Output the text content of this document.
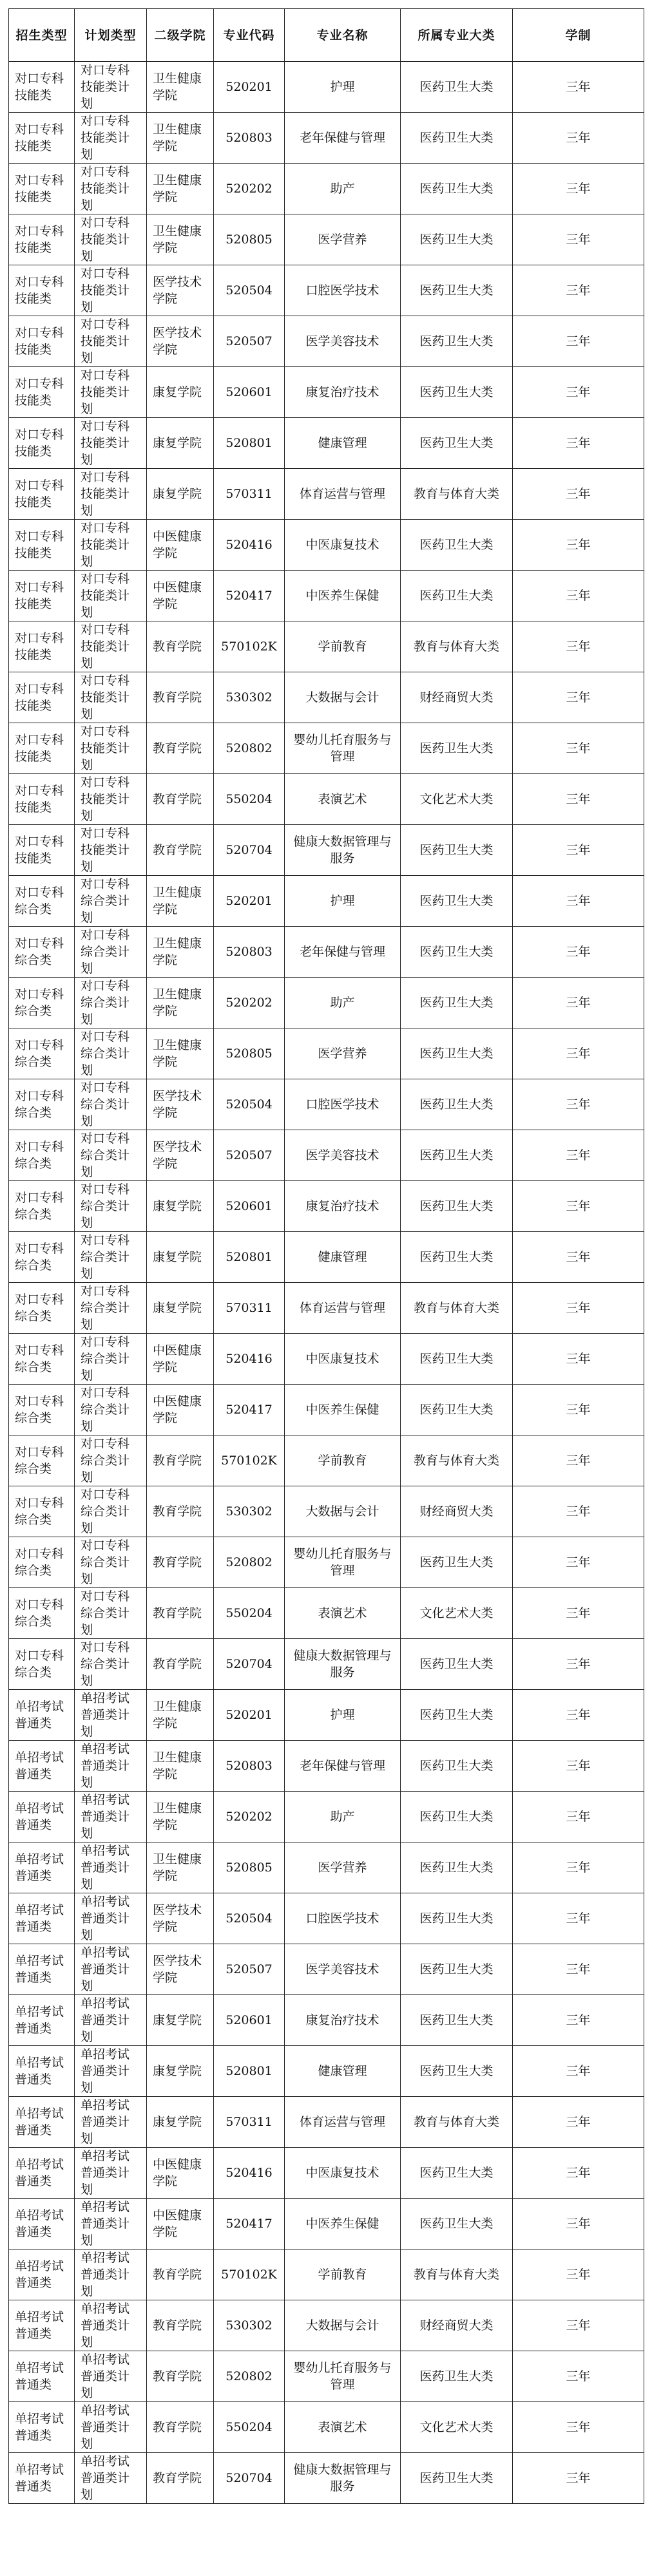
招生类型	计划类型	二级学院	专业代码	专业名称	所属专业大类	学制
对口专科技能类	对口专科技能类计划	卫生健康学院	520201	护理	医药卫生大类	三年
对口专科技能类	对口专科技能类计划	卫生健康学院	520803	老年保健与管理	医药卫生大类	三年
对口专科技能类	对口专科技能类计划	卫生健康学院	520202	助产	医药卫生大类	三年
对口专科技能类	对口专科技能类计划	卫生健康学院	520805	医学营养	医药卫生大类	三年
对口专科技能类	对口专科技能类计划	医学技术学院	520504	口腔医学技术	医药卫生大类	三年
对口专科技能类	对口专科技能类计划	医学技术学院	520507	医学美容技术	医药卫生大类	三年
对口专科技能类	对口专科技能类计划	康复学院	520601	康复治疗技术	医药卫生大类	三年
对口专科技能类	对口专科技能类计划	康复学院	520801	健康管理	医药卫生大类	三年
对口专科技能类	对口专科技能类计划	康复学院	570311	体育运营与管理	教育与体育大类	三年
对口专科技能类	对口专科技能类计划	中医健康学院	520416	中医康复技术	医药卫生大类	三年
对口专科技能类	对口专科技能类计划	中医健康学院	520417	中医养生保健	医药卫生大类	三年
对口专科技能类	对口专科技能类计划	教育学院	570102K	学前教育	教育与体育大类	三年
对口专科技能类	对口专科技能类计划	教育学院	530302	大数据与会计	财经商贸大类	三年
对口专科技能类	对口专科技能类计划	教育学院	520802	婴幼儿托育服务与管理	医药卫生大类	三年
对口专科技能类	对口专科技能类计划	教育学院	550204	表演艺术	文化艺术大类	三年
对口专科技能类	对口专科技能类计划	教育学院	520704	健康大数据管理与服务	医药卫生大类	三年
对口专科综合类	对口专科综合类计划	卫生健康学院	520201	护理	医药卫生大类	三年
对口专科综合类	对口专科综合类计划	卫生健康学院	520803	老年保健与管理	医药卫生大类	三年
对口专科综合类	对口专科综合类计划	卫生健康学院	520202	助产	医药卫生大类	三年
对口专科综合类	对口专科综合类计划	卫生健康学院	520805	医学营养	医药卫生大类	三年
对口专科综合类	对口专科综合类计划	医学技术学院	520504	口腔医学技术	医药卫生大类	三年
对口专科综合类	对口专科综合类计划	医学技术学院	520507	医学美容技术	医药卫生大类	三年
对口专科综合类	对口专科综合类计划	康复学院	520601	康复治疗技术	医药卫生大类	三年
对口专科综合类	对口专科综合类计划	康复学院	520801	健康管理	医药卫生大类	三年
对口专科综合类	对口专科综合类计划	康复学院	570311	体育运营与管理	教育与体育大类	三年
对口专科综合类	对口专科综合类计划	中医健康学院	520416	中医康复技术	医药卫生大类	三年
对口专科综合类	对口专科综合类计划	中医健康学院	520417	中医养生保健	医药卫生大类	三年
对口专科综合类	对口专科综合类计划	教育学院	570102K	学前教育	教育与体育大类	三年
对口专科综合类	对口专科综合类计划	教育学院	530302	大数据与会计	财经商贸大类	三年
对口专科综合类	对口专科综合类计划	教育学院	520802	婴幼儿托育服务与管理	医药卫生大类	三年
对口专科综合类	对口专科综合类计划	教育学院	550204	表演艺术	文化艺术大类	三年
对口专科综合类	对口专科综合类计划	教育学院	520704	健康大数据管理与服务	医药卫生大类	三年
单招考试普通类	单招考试普通类计划	卫生健康学院	520201	护理	医药卫生大类	三年
单招考试普通类	单招考试普通类计划	卫生健康学院	520803	老年保健与管理	医药卫生大类	三年
单招考试普通类	单招考试普通类计划	卫生健康学院	520202	助产	医药卫生大类	三年
单招考试普通类	单招考试普通类计划	卫生健康学院	520805	医学营养	医药卫生大类	三年
单招考试普通类	单招考试普通类计划	医学技术学院	520504	口腔医学技术	医药卫生大类	三年
单招考试普通类	单招考试普通类计划	医学技术学院	520507	医学美容技术	医药卫生大类	三年
单招考试普通类	单招考试普通类计划	康复学院	520601	康复治疗技术	医药卫生大类	三年
单招考试普通类	单招考试普通类计划	康复学院	520801	健康管理	医药卫生大类	三年
单招考试普通类	单招考试普通类计划	康复学院	570311	体育运营与管理	教育与体育大类	三年
单招考试普通类	单招考试普通类计划	中医健康学院	520416	中医康复技术	医药卫生大类	三年
单招考试普通类	单招考试普通类计划	中医健康学院	520417	中医养生保健	医药卫生大类	三年
单招考试普通类	单招考试普通类计划	教育学院	570102K	学前教育	教育与体育大类	三年
单招考试普通类	单招考试普通类计划	教育学院	530302	大数据与会计	财经商贸大类	三年
单招考试普通类	单招考试普通类计划	教育学院	520802	婴幼儿托育服务与管理	医药卫生大类	三年
单招考试普通类	单招考试普通类计划	教育学院	550204	表演艺术	文化艺术大类	三年
单招考试普通类	单招考试普通类计划	教育学院	520704	健康大数据管理与服务	医药卫生大类	三年
